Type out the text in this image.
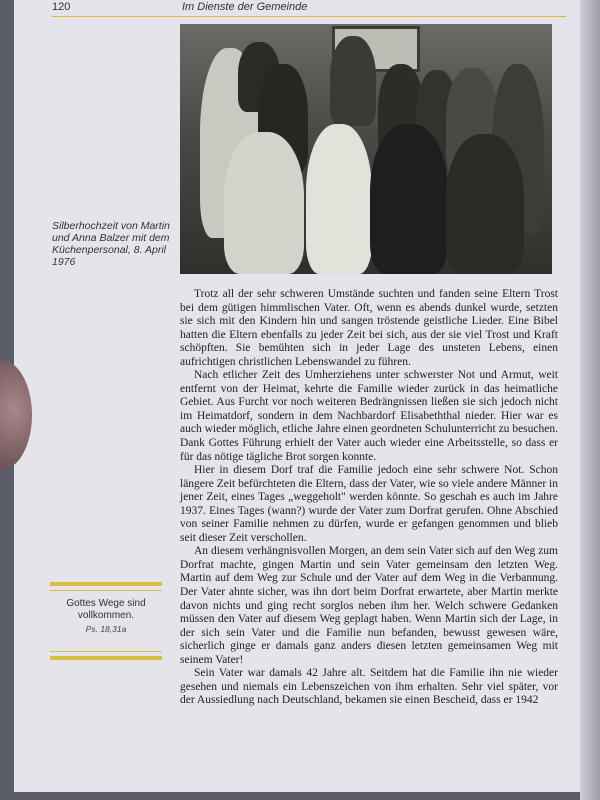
120	Im Dienste der Gemeinde
Silberhochzeit von Martin und Anna Balzer mit dem Küchenpersonal, 8. April 1976

Trotz all der sehr schweren Umstände suchten und fanden seine Eltern Trost bei dem gütigen himmlischen Vater. Oft, wenn es abends dunkel wurde, setzten sie sich mit den Kindern hin und sangen tröstende geistliche Lieder. Eine Bibel hatten die Eltern ebenfalls zu jeder Zeit bei sich, aus der sie viel Trost und Kraft schöpften. Sie bemühten sich in jeder Lage des unsteten Lebens, einen aufrichtigen christlichen Lebenswandel zu führen.

Nach etlicher Zeit des Umherziehens unter schwerster Not und Armut, weit entfernt von der Heimat, kehrte die Familie wieder zurück in das heimatliche Gebiet. Aus Furcht vor noch weiteren Bedrängnissen ließen sie sich jedoch nicht im Heimatdorf, sondern in dem Nachbardorf Elisabeththal nieder. Hier war es auch wieder möglich, etliche Jahre einen geordneten Schulunterricht zu besuchen. Dank Gottes Führung erhielt der Vater auch wieder eine Arbeitsstelle, so dass er für das nötige tägliche Brot sorgen konnte.

Hier in diesem Dorf traf die Familie jedoch eine sehr schwere Not. Schon längere Zeit befürchteten die Eltern, dass der Vater, wie so viele andere Männer in jener Zeit, eines Tages „weggeholt" werden könnte. So geschah es auch im Jahre 1937. Eines Tages (wann?) wurde der Vater zum Dorfrat gerufen. Ohne Abschied von seiner Familie nehmen zu dürfen, wurde er gefangen genommen und blieb seit dieser Zeit verschollen.

An diesem verhängnisvollen Morgen, an dem sein Vater sich auf den Weg zum Dorfrat machte, gingen Martin und sein Vater gemeinsam den letzten Weg. Martin auf dem Weg zur Schule und der Vater auf dem Weg in die Verbannung. Der Vater ahnte sicher, was ihn dort beim Dorfrat erwartete, aber Martin merkte davon nichts und ging recht sorglos neben ihm her. Welch schwere Gedanken müssen den Vater auf diesem Weg geplagt haben. Wenn Martin sich der Lage, in der sich sein Vater und die Familie nun befanden, bewusst gewesen wäre, sicherlich ginge er damals ganz anders diesen letzten gemeinsamen Weg mit seinem Vater!

Sein Vater war damals 42 Jahre alt. Seitdem hat die Familie ihn nie wieder gesehen und niemals ein Lebenszeichen von ihm erhalten. Sehr viel später, vor der Aussiedlung nach Deutschland, bekamen sie einen Bescheid, dass er 1942

Gottes Wege sind vollkommen.
Ps. 18,31a
